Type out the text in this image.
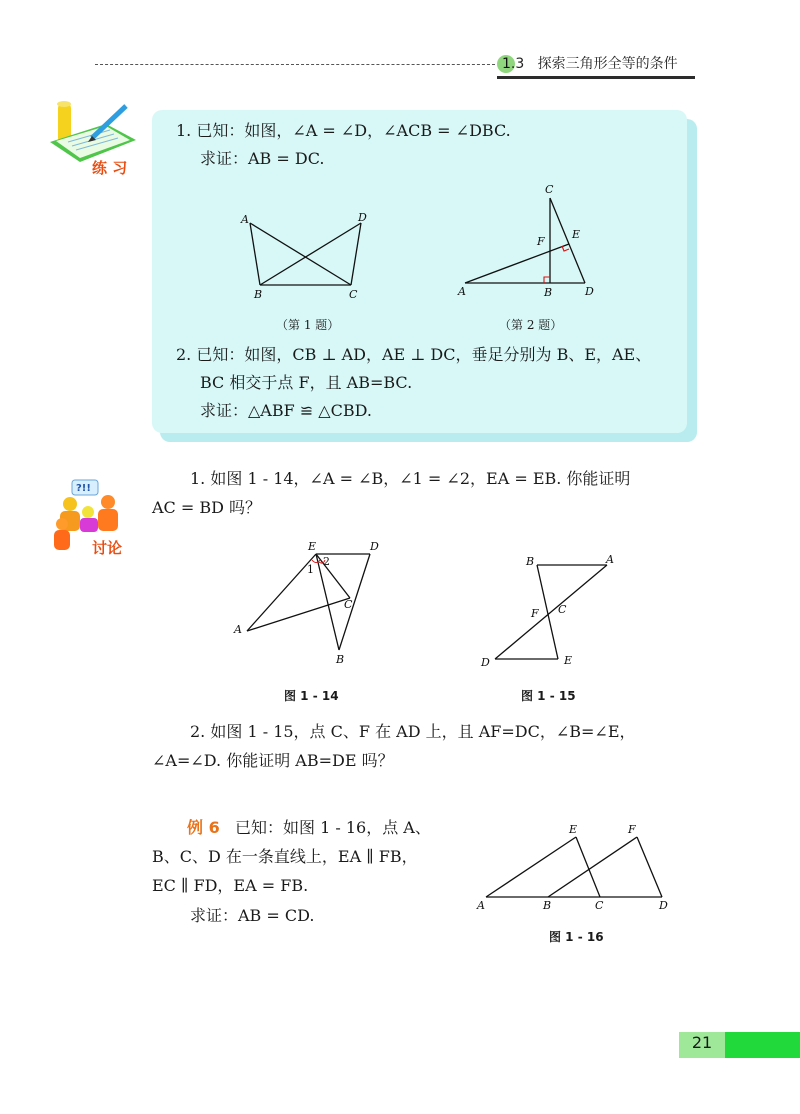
1.3 探索三角形全等的条件
练 习
1. 已知：如图，∠A = ∠D，∠ACB = ∠DBC.
求证：AB = DC.
A	D
B	C
（第 1 题）
C
E
F
A	B	D
（第 2 题）
2. 已知：如图，CB ⊥ AD，AE ⊥ DC，垂足分别为 B、E，AE、
BC 相交于点 F，且 AB=BC.
求证：△ABF ≌ △CBD.
?!!
讨论
1. 如图 1 - 14，∠A = ∠B，∠1 = ∠2，EA = EB. 你能证明
AC = BD 吗？
E	D
1
2
C
A
B
图 1 - 14
B	A
F C
D	E
图 1 - 15
2. 如图 1 - 15，点 C、F 在 AD 上，且 AF=DC，∠B=∠E，
∠A=∠D. 你能证明 AB=DE 吗？
例 6 已知：如图 1 - 16，点 A、
B、C、D 在一条直线上，EA ∥ FB，
EC ∥ FD，EA = FB.
求证：AB = CD.
E	F
A	B	C	D
图 1 - 16
21
